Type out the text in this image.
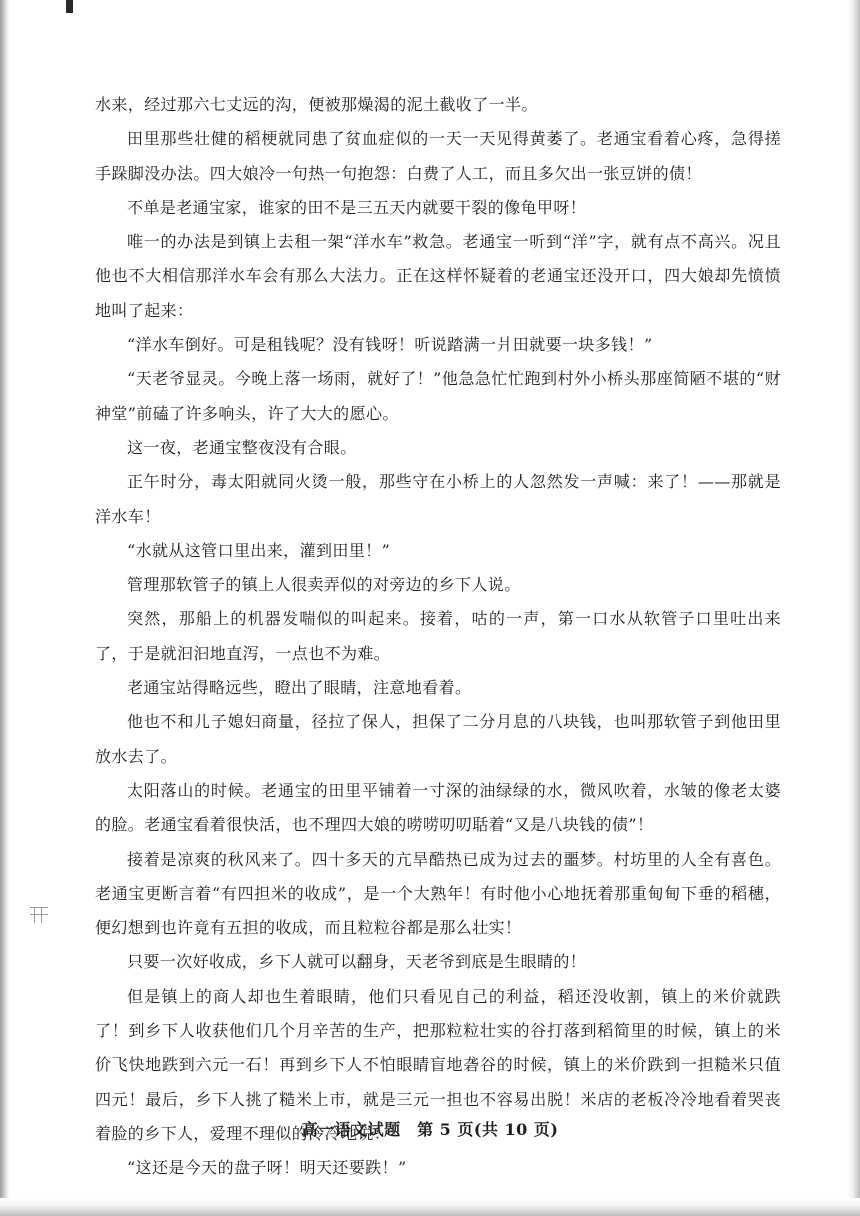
水来，经过那六七丈远的沟，便被那燥渴的泥土截收了一半。

田里那些壮健的稻梗就同患了贫血症似的一天一天见得黄萎了。老通宝看着心疼，急得搓手跺脚没办法。四大娘冷一句热一句抱怨：白费了人工，而且多欠出一张豆饼的债！

不单是老通宝家，谁家的田不是三五天内就要干裂的像龟甲呀！

唯一的办法是到镇上去租一架“洋水车”救急。老通宝一听到“洋”字，就有点不高兴。况且他也不大相信那洋水车会有那么大法力。正在这样怀疑着的老通宝还没开口，四大娘却先愤愤地叫了起来：

“洋水车倒好。可是租钱呢？没有钱呀！听说踏满一爿田就要一块多钱！”

“天老爷显灵。今晚上落一场雨，就好了！”他急急忙忙跑到村外小桥头那座简陋不堪的“财神堂”前磕了许多响头，许了大大的愿心。

这一夜，老通宝整夜没有合眼。

正午时分，毒太阳就同火烫一般，那些守在小桥上的人忽然发一声喊：来了！——那就是洋水车！

“水就从这管口里出来，灌到田里！”

管理那软管子的镇上人很卖弄似的对旁边的乡下人说。

突然，那船上的机器发喘似的叫起来。接着，咕的一声，第一口水从软管子口里吐出来了，于是就汩汩地直泻，一点也不为难。

老通宝站得略远些，瞪出了眼睛，注意地看着。

他也不和儿子媳妇商量，径拉了保人，担保了二分月息的八块钱，也叫那软管子到他田里放水去了。

太阳落山的时候。老通宝的田里平铺着一寸深的油绿绿的水，微风吹着，水皱的像老太婆的脸。老通宝看着很快活，也不理四大娘的唠唠叨叨聒着“又是八块钱的债”！

接着是凉爽的秋风来了。四十多天的亢旱酷热已成为过去的噩梦。村坊里的人全有喜色。老通宝更断言着“有四担米的收成”，是一个大熟年！有时他小心地抚着那重甸甸下垂的稻穗，便幻想到也许竟有五担的收成，而且粒粒谷都是那么壮实！

只要一次好收成，乡下人就可以翻身，天老爷到底是生眼睛的！

但是镇上的商人却也生着眼睛，他们只看见自己的利益，稻还没收割，镇上的米价就跌了！到乡下人收获他们几个月辛苦的生产，把那粒粒壮实的谷打落到稻简里的时候，镇上的米价飞快地跌到六元一石！再到乡下人不怕眼睛盲地砻谷的时候，镇上的米价跌到一担糙米只值四元！最后，乡下人挑了糙米上市，就是三元一担也不容易出脱！米店的老板冷冷地看着哭丧着脸的乡下人，爱理不理似的冷冷地说：

“这还是今天的盘子呀！明天还要跌！”

高一语文试题　第 5 页(共 10 页)
